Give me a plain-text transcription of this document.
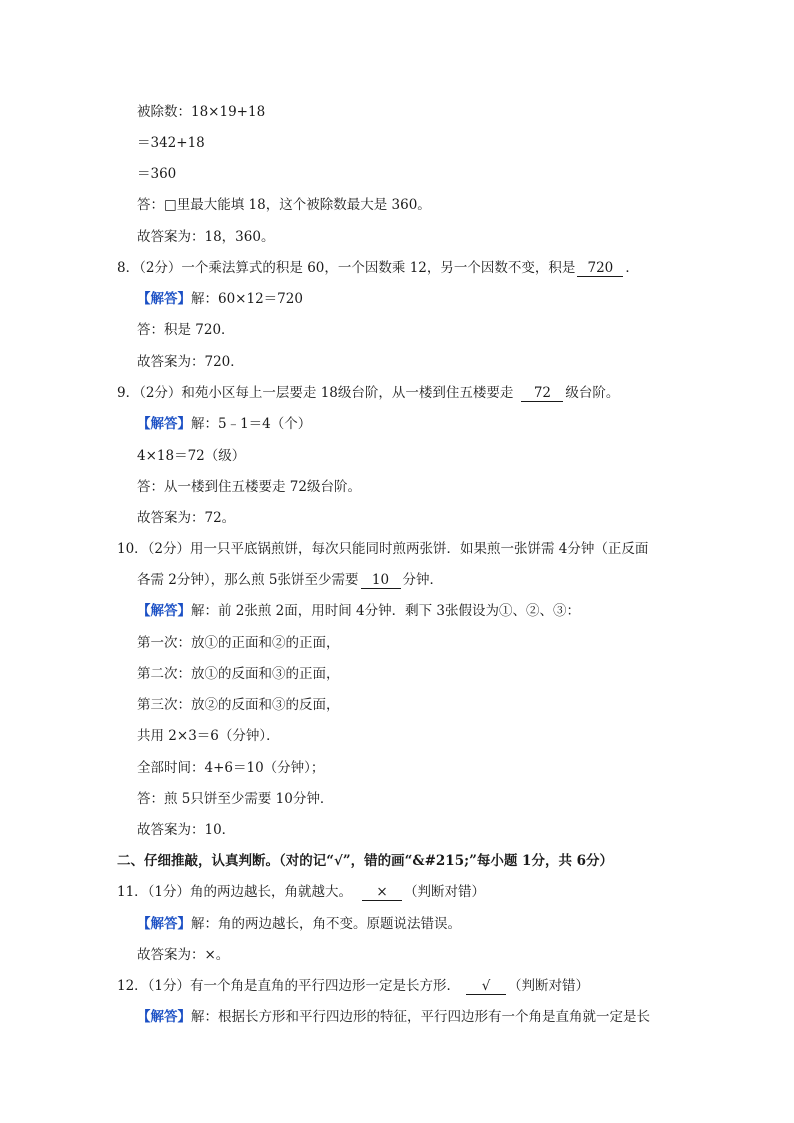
被除数：18×19+18
＝342+18
＝360
答：□里最大能填 18，这个被除数最大是 360。
故答案为：18，360。
8．（2分）一个乘法算式的积是 60，一个因数乘 12，另一个因数不变，积是 720 ．
【解答】解：60×12＝720
答：积是 720．
故答案为：720．
9．（2分）和苑小区每上一层要走 18级台阶，从一楼到住五楼要走 72 级台阶。
【解答】解：5﹣1＝4（个）
4×18＝72（级）
答：从一楼到住五楼要走 72级台阶。
故答案为：72。
10．（2分）用一只平底锅煎饼，每次只能同时煎两张饼．如果煎一张饼需 4分钟（正反面
各需 2分钟），那么煎 5张饼至少需要 10 分钟．
【解答】解：前 2张煎 2面，用时间 4分钟．剩下 3张假设为①、②、③：
第一次：放①的正面和②的正面，
第二次：放①的反面和③的正面，
第三次：放②的反面和③的反面，
共用 2×3＝6（分钟）．
全部时间：4+6＝10（分钟）；
答：煎 5只饼至少需要 10分钟．
故答案为：10．
二、仔细推敲，认真判断。（对的记“√”，错的画“&#215;”每小题 1分，共 6分）
11．（1分）角的两边越长，角就越大。 × （判断对错）
【解答】解：角的两边越长，角不变。原题说法错误。
故答案为：×。
12．（1分）有一个角是直角的平行四边形一定是长方形． √ （判断对错）
【解答】解：根据长方形和平行四边形的特征，平行四边形有一个角是直角就一定是长
